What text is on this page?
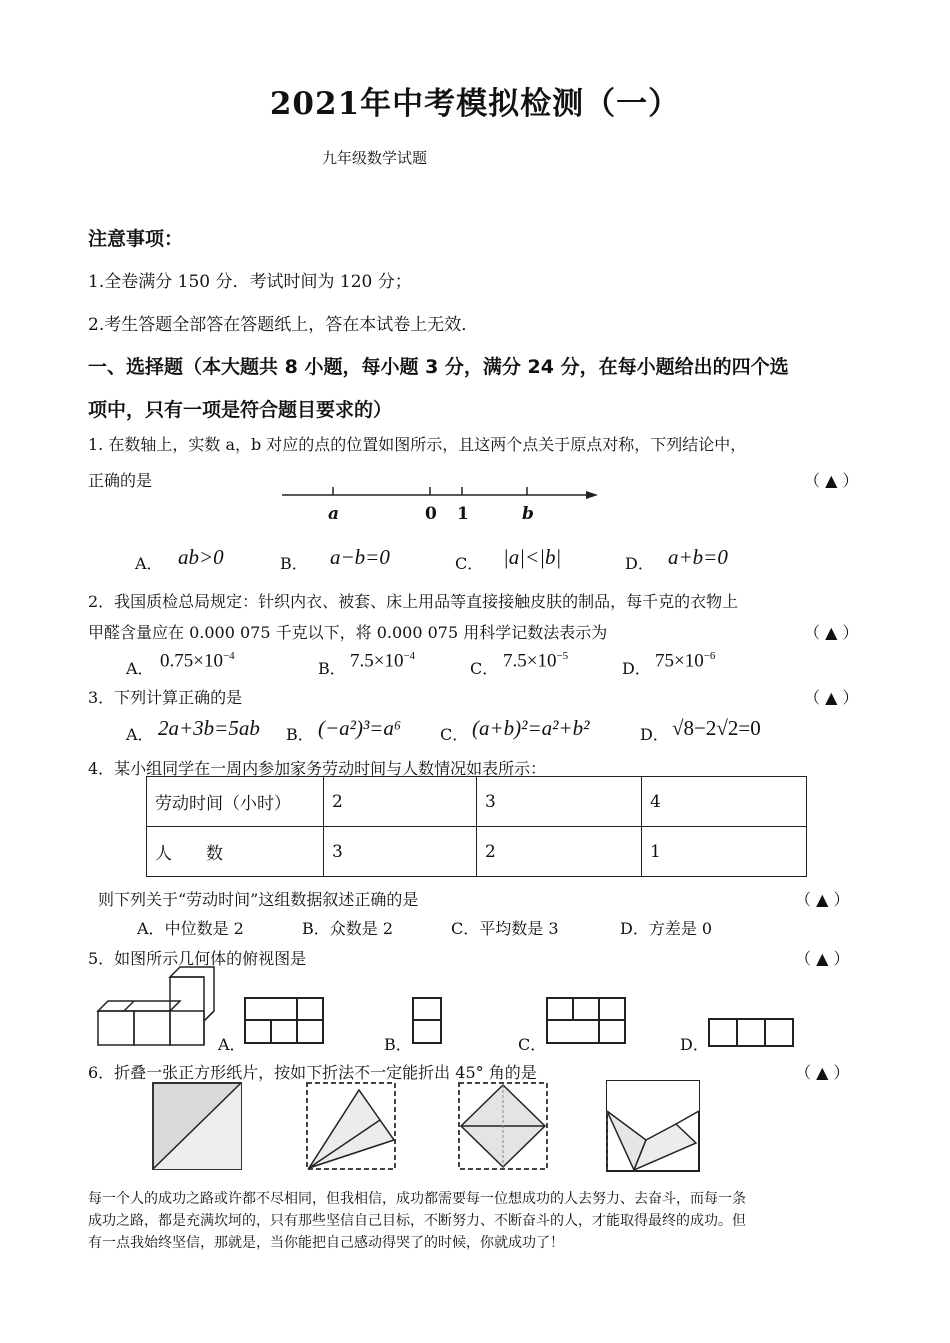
2021年中考模拟检测（一）
九年级数学试题
注意事项：
1.全卷满分 150 分．考试时间为 120 分；
2.考生答题全部答在答题纸上，答在本试卷上无效．
一、选择题（本大题共 8 小题，每小题 3 分，满分 24 分，在每小题给出的四个选
项中，只有一项是符合题目要求的）
1. 在数轴上，实数 a，b 对应的点的位置如图所示，且这两个点关于原点对称，下列结论中，
正确的是	（ ▲ ）
a	0 1	b
A． ab>0	B． a−b=0	C． |a|<|b|	D． a+b=0
2．我国质检总局规定：针织内衣、被套、床上用品等直接接触皮肤的制品，每千克的衣物上
甲醛含量应在 0.000 075 千克以下，将 0.000 075 用科学记数法表示为	（ ▲ ）
A． $0.75\times 10^{-4}$
B． $7.5\times 10^{-4}$
C． $7.5\times 10^{-5}$
D． $75\times 10^{-6}$
3．下列计算正确的是	（ ▲ ）
A． 2a+3b=5ab B． (−a²)³=a⁶ C． (a+b)²=a²+b²	D． √8−2√2=0
4．某小组同学在一周内参加家务劳动时间与人数情况如表所示：
劳动时间（小时）	2	3	4
人　　数	3	2	1
则下列关于“劳动时间”这组数据叙述正确的是	（ ▲ ）
A．中位数是 2	B．众数是 2	C．平均数是 3	D．方差是 0
5．如图所示几何体的俯视图是	（ ▲ ）
A．	B．	C．	D．
6．折叠一张正方形纸片，按如下折法不一定能折出 45° 角的是	（ ▲ ）
每一个人的成功之路或许都不尽相同，但我相信，成功都需要每一位想成功的人去努力、去奋斗，而每一条
成功之路，都是充满坎坷的，只有那些坚信自己目标，不断努力、不断奋斗的人，才能取得最终的成功。但
有一点我始终坚信，那就是，当你能把自己感动得哭了的时候，你就成功了！
